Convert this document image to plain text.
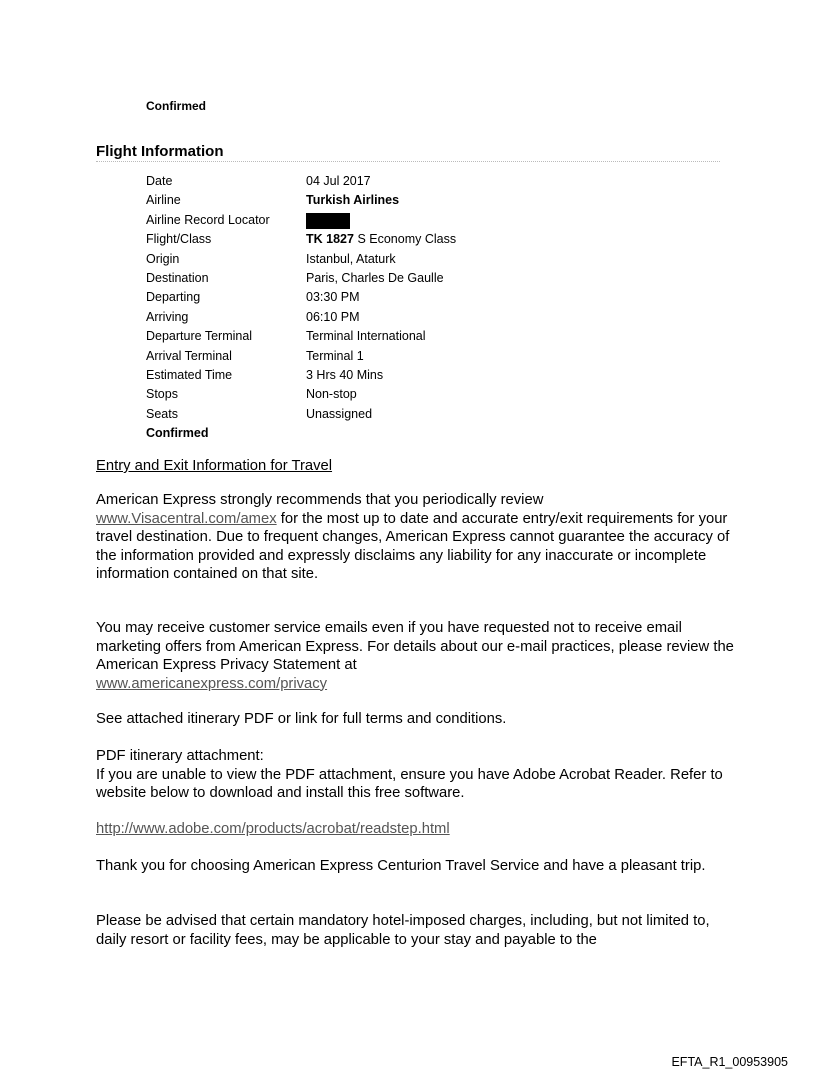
Confirmed
Flight Information
Date	04 Jul 2017
Airline	Turkish Airlines
Airline Record Locator
Flight/Class	TK 1827 S Economy Class
Origin	Istanbul, Ataturk
Destination	Paris, Charles De Gaulle
Departing	03:30 PM
Arriving	06:10 PM
Departure Terminal	Terminal International
Arrival Terminal	Terminal 1
Estimated Time	3 Hrs 40 Mins
Stops	Non-stop
Seats	Unassigned
Confirmed
Entry and Exit Information for Travel
American Express strongly recommends that you periodically review
www.Visacentral.com/amex for the most up to date and accurate entry/exit requirements for your travel destination. Due to frequent changes, American Express cannot guarantee the accuracy of the information provided and expressly disclaims any liability for any inaccurate or incomplete information contained on that site.
You may receive customer service emails even if you have requested not to receive email marketing offers from American Express. For details about our e-mail practices, please review the American Express Privacy Statement at
www.americanexpress.com/privacy
See attached itinerary PDF or link for full terms and conditions.
PDF itinerary attachment:
If you are unable to view the PDF attachment, ensure you have Adobe Acrobat Reader. Refer to website below to download and install this free software.
http://www.adobe.com/products/acrobat/readstep.html
Thank you for choosing American Express Centurion Travel Service and have a pleasant trip.
Please be advised that certain mandatory hotel-imposed charges, including, but not limited to, daily resort or facility fees, may be applicable to your stay and payable to the
EFTA_R1_00953905
